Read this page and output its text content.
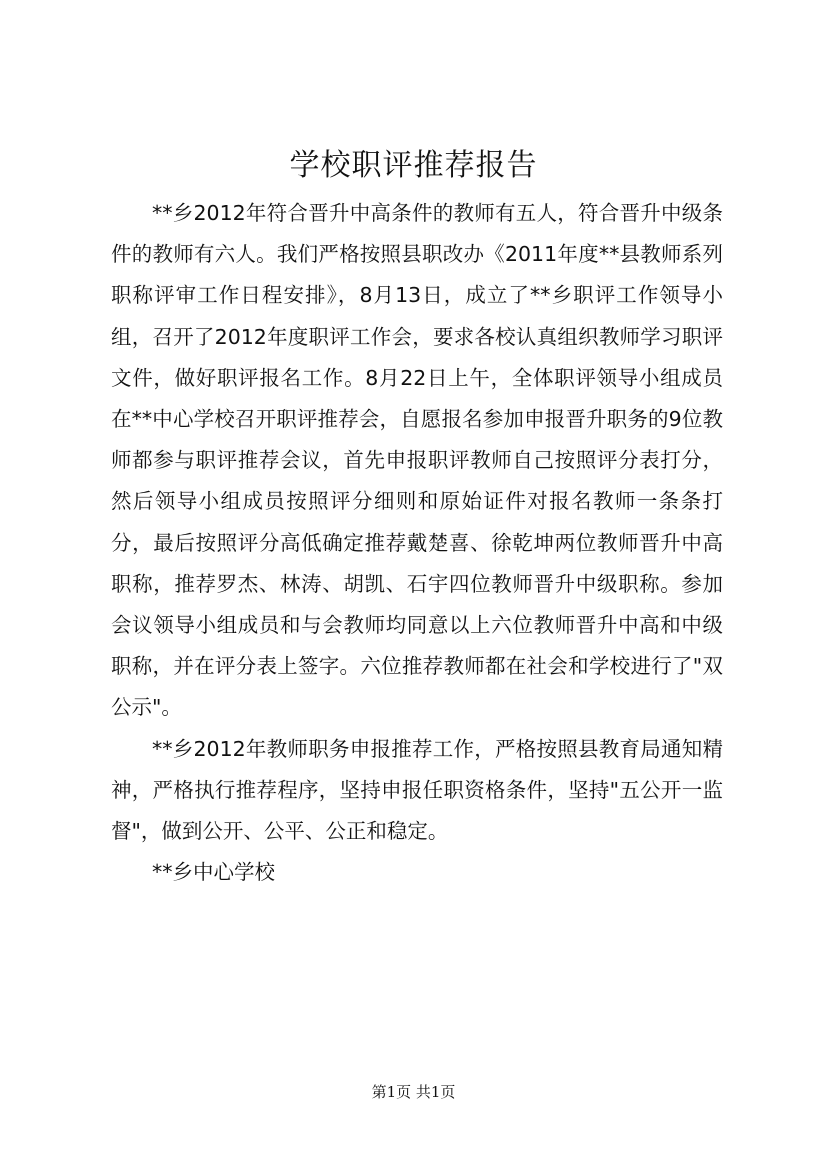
学校职评推荐报告

**乡2012年符合晋升中高条件的教师有五人，符合晋升中级条件的教师有六人。我们严格按照县职改办《2011年度**县教师系列职称评审工作日程安排》，8月13日，成立了**乡职评工作领导小组，召开了2012年度职评工作会，要求各校认真组织教师学习职评文件，做好职评报名工作。8月22日上午，全体职评领导小组成员在**中心学校召开职评推荐会，自愿报名参加申报晋升职务的9位教师都参与职评推荐会议，首先申报职评教师自己按照评分表打分，然后领导小组成员按照评分细则和原始证件对报名教师一条条打分，最后按照评分高低确定推荐戴楚喜、徐乾坤两位教师晋升中高职称，推荐罗杰、林涛、胡凯、石宇四位教师晋升中级职称。参加会议领导小组成员和与会教师均同意以上六位教师晋升中高和中级职称，并在评分表上签字。六位推荐教师都在社会和学校进行了"双公示"。

**乡2012年教师职务申报推荐工作，严格按照县教育局通知精神，严格执行推荐程序，坚持申报任职资格条件，坚持"五公开一监督"，做到公开、公平、公正和稳定。

**乡中心学校

第1页 共1页
